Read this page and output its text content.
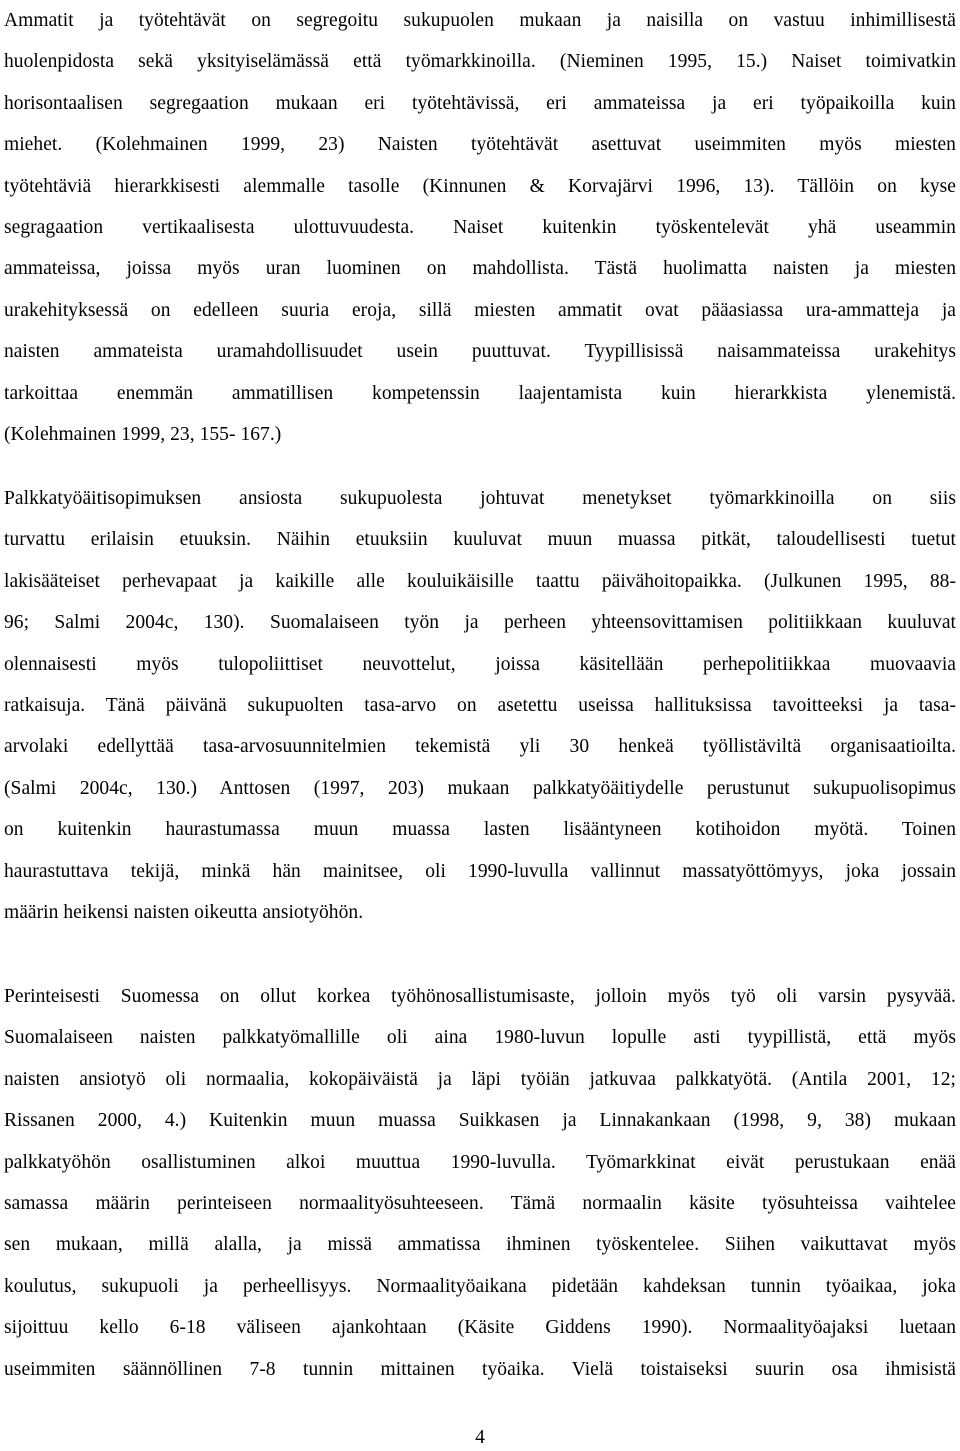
Ammatit ja työtehtävät on segregoitu sukupuolen mukaan ja naisilla on vastuu inhimillisestä
huolenpidosta sekä yksityiselämässä että työmarkkinoilla. (Nieminen 1995, 15.) Naiset toimivatkin
horisontaalisen segregaation mukaan eri työtehtävissä, eri ammateissa ja eri työpaikoilla kuin
miehet. (Kolehmainen 1999, 23) Naisten työtehtävät asettuvat useimmiten myös miesten
työtehtäviä hierarkkisesti alemmalle tasolle (Kinnunen & Korvajärvi 1996, 13). Tällöin on kyse
segragaation vertikaalisesta ulottuvuudesta. Naiset kuitenkin työskentelevät yhä useammin
ammateissa, joissa myös uran luominen on mahdollista. Tästä huolimatta naisten ja miesten
urakehityksessä on edelleen suuria eroja, sillä miesten ammatit ovat pääasiassa ura-ammatteja ja
naisten ammateista uramahdollisuudet usein puuttuvat. Tyypillisissä naisammateissa urakehitys
tarkoittaa enemmän ammatillisen kompetenssin laajentamista kuin hierarkkista ylenemistä.
(Kolehmainen 1999, 23, 155- 167.)
Palkkatyöäitisopimuksen ansiosta sukupuolesta johtuvat menetykset työmarkkinoilla on siis
turvattu erilaisin etuuksin. Näihin etuuksiin kuuluvat muun muassa pitkät, taloudellisesti tuetut
lakisääteiset perhevapaat ja kaikille alle kouluikäisille taattu päivähoitopaikka. (Julkunen 1995, 88-
96; Salmi 2004c, 130). Suomalaiseen työn ja perheen yhteensovittamisen politiikkaan kuuluvat
olennaisesti myös tulopoliittiset neuvottelut, joissa käsitellään perhepolitiikkaa muovaavia
ratkaisuja. Tänä päivänä sukupuolten tasa-arvo on asetettu useissa hallituksissa tavoitteeksi ja tasa-
arvolaki edellyttää tasa-arvosuunnitelmien tekemistä yli 30 henkeä työllistäviltä organisaatioilta.
(Salmi 2004c, 130.) Anttosen (1997, 203) mukaan palkkatyöäitiydelle perustunut sukupuolisopimus
on kuitenkin haurastumassa muun muassa lasten lisääntyneen kotihoidon myötä. Toinen
haurastuttava tekijä, minkä hän mainitsee, oli 1990-luvulla vallinnut massatyöttömyys, joka jossain
määrin heikensi naisten oikeutta ansiotyöhön.
Perinteisesti Suomessa on ollut korkea työhönosallistumisaste, jolloin myös työ oli varsin pysyvää.
Suomalaiseen naisten palkkatyömallille oli aina 1980-luvun lopulle asti tyypillistä, että myös
naisten ansiotyö oli normaalia, kokopäiväistä ja läpi työiän jatkuvaa palkkatyötä. (Antila 2001, 12;
Rissanen 2000, 4.) Kuitenkin muun muassa Suikkasen ja Linnakankaan (1998, 9, 38) mukaan
palkkatyöhön osallistuminen alkoi muuttua 1990-luvulla. Työmarkkinat eivät perustukaan enää
samassa määrin perinteiseen normaalityösuhteeseen. Tämä normaalin käsite työsuhteissa vaihtelee
sen mukaan, millä alalla, ja missä ammatissa ihminen työskentelee. Siihen vaikuttavat myös
koulutus, sukupuoli ja perheellisyys. Normaalityöaikana pidetään kahdeksan tunnin työaikaa, joka
sijoittuu kello 6-18 väliseen ajankohtaan (Käsite Giddens 1990). Normaalityöajaksi luetaan
useimmiten säännöllinen 7-8 tunnin mittainen työaika. Vielä toistaiseksi suurin osa ihmisistä
4
